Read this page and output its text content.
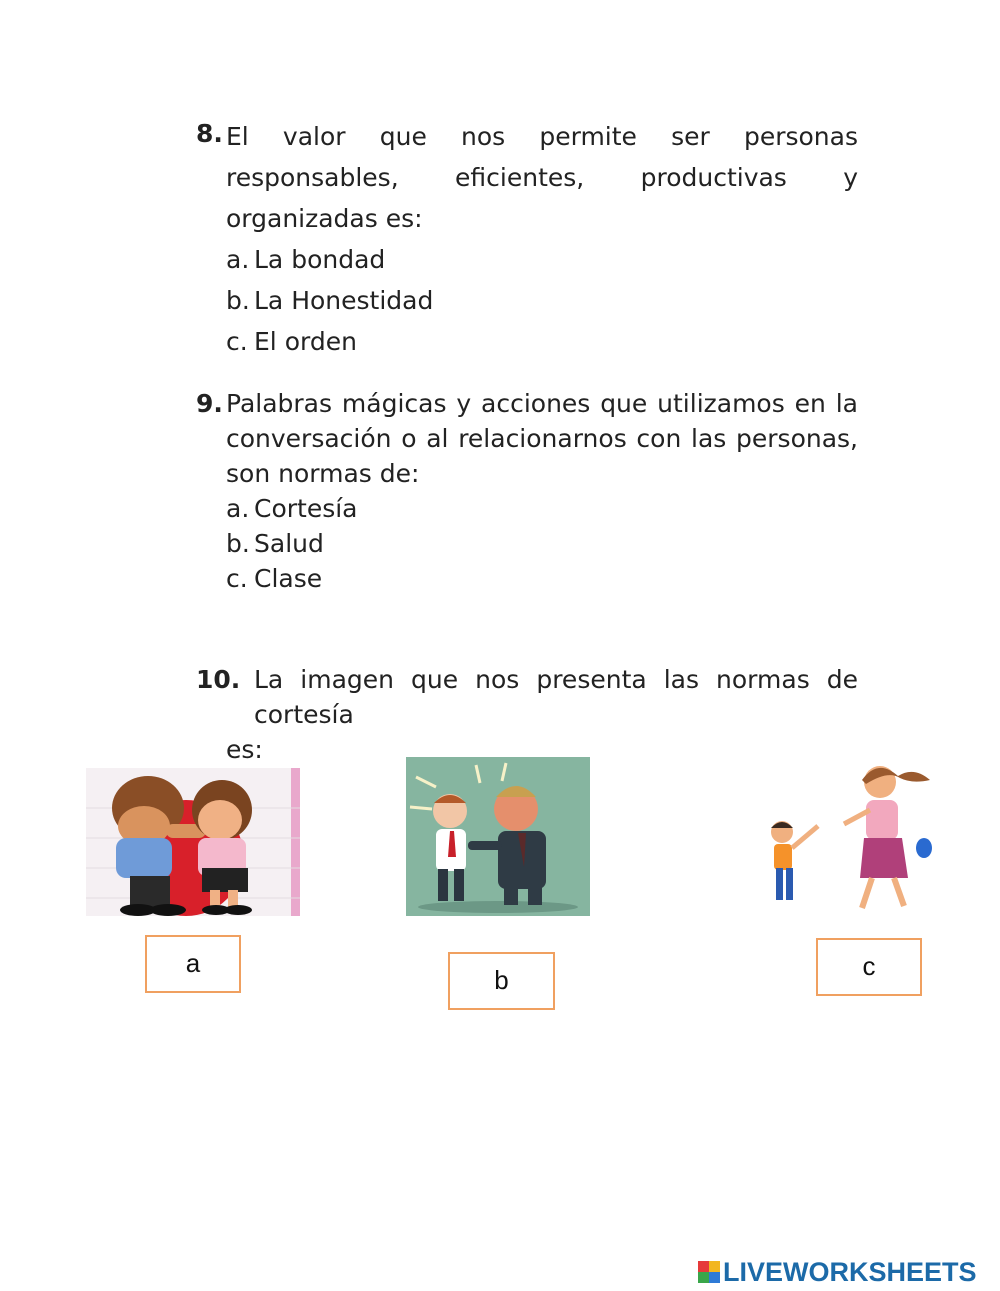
8. El valor que nos permite ser personas responsables, eficientes, productivas y organizadas es:
a. La bondad
b. La Honestidad
c. El orden
9. Palabras mágicas y acciones que utilizamos en la conversación o al relacionarnos con las personas, son normas de:
a. Cortesía
b. Salud
c. Clase
10. La imagen que nos presenta las normas de cortesía
es:
a
b	c
LIVEWORKSHEETS
